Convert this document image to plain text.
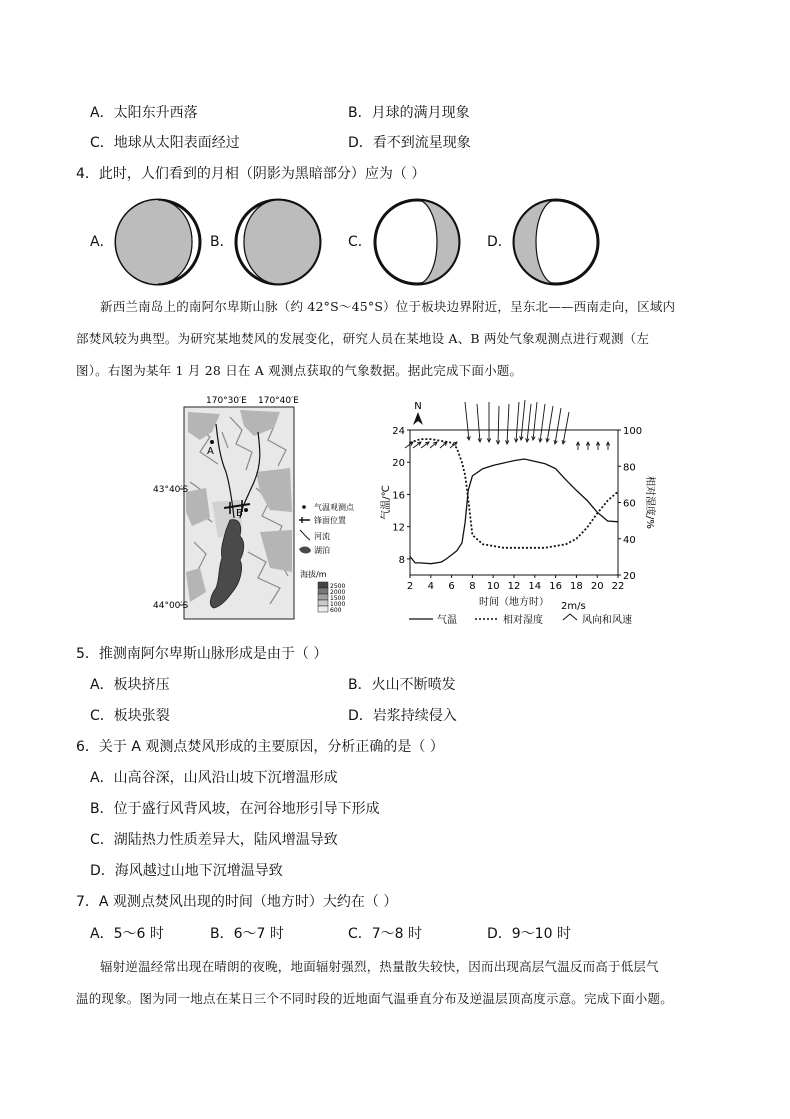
A．太阳东升西落	B．月球的满月现象
C．地球从太阳表面经过	D．看不到流星现象
4．此时，人们看到的月相（阴影为黑暗部分）应为（ ）
A．	B．	C．	D．
新西兰南岛上的南阿尔卑斯山脉（约 42°S～45°S）位于板块边界附近，呈东北——西南走向，区域内
部焚风较为典型。为研究某地焚风的发展变化，研究人员在某地设 A、B 两处气象观测点进行观测（左
图）。右图为某年 1 月 28 日在 A 观测点获取的气象数据。据此完成下面小题。
170°30′E 170°40′E
A
B
43°40′S
44°00′S
气温观测点
锋面位置
河流
湖泊
海拔/m
2500
2000
1500
1000
600
N
2 4 6 8 10 12 14 16 18 20 22
8
12
16
20
24
20
40
60
80
100
时间（地方时）
气温/℃	相对湿度/%
气温	相对湿度
2m/s
风向和风速
5．推测南阿尔卑斯山脉形成是由于（ ）
A．板块挤压	B．火山不断喷发
C．板块张裂	D．岩浆持续侵入
6．关于 A 观测点焚风形成的主要原因，分析正确的是（ ）
A．山高谷深，山风沿山坡下沉增温形成
B．位于盛行风背风坡，在河谷地形引导下形成
C．湖陆热力性质差异大，陆风增温导致
D．海风越过山地下沉增温导致
7．A 观测点焚风出现的时间（地方时）大约在（ ）
A．5～6 时	B．6～7 时	C．7～8 时	D．9～10 时
辐射逆温经常出现在晴朗的夜晚，地面辐射强烈，热量散失较快，因而出现高层气温反而高于低层气
温的现象。图为同一地点在某日三个不同时段的近地面气温垂直分布及逆温层顶高度示意。完成下面小题。
